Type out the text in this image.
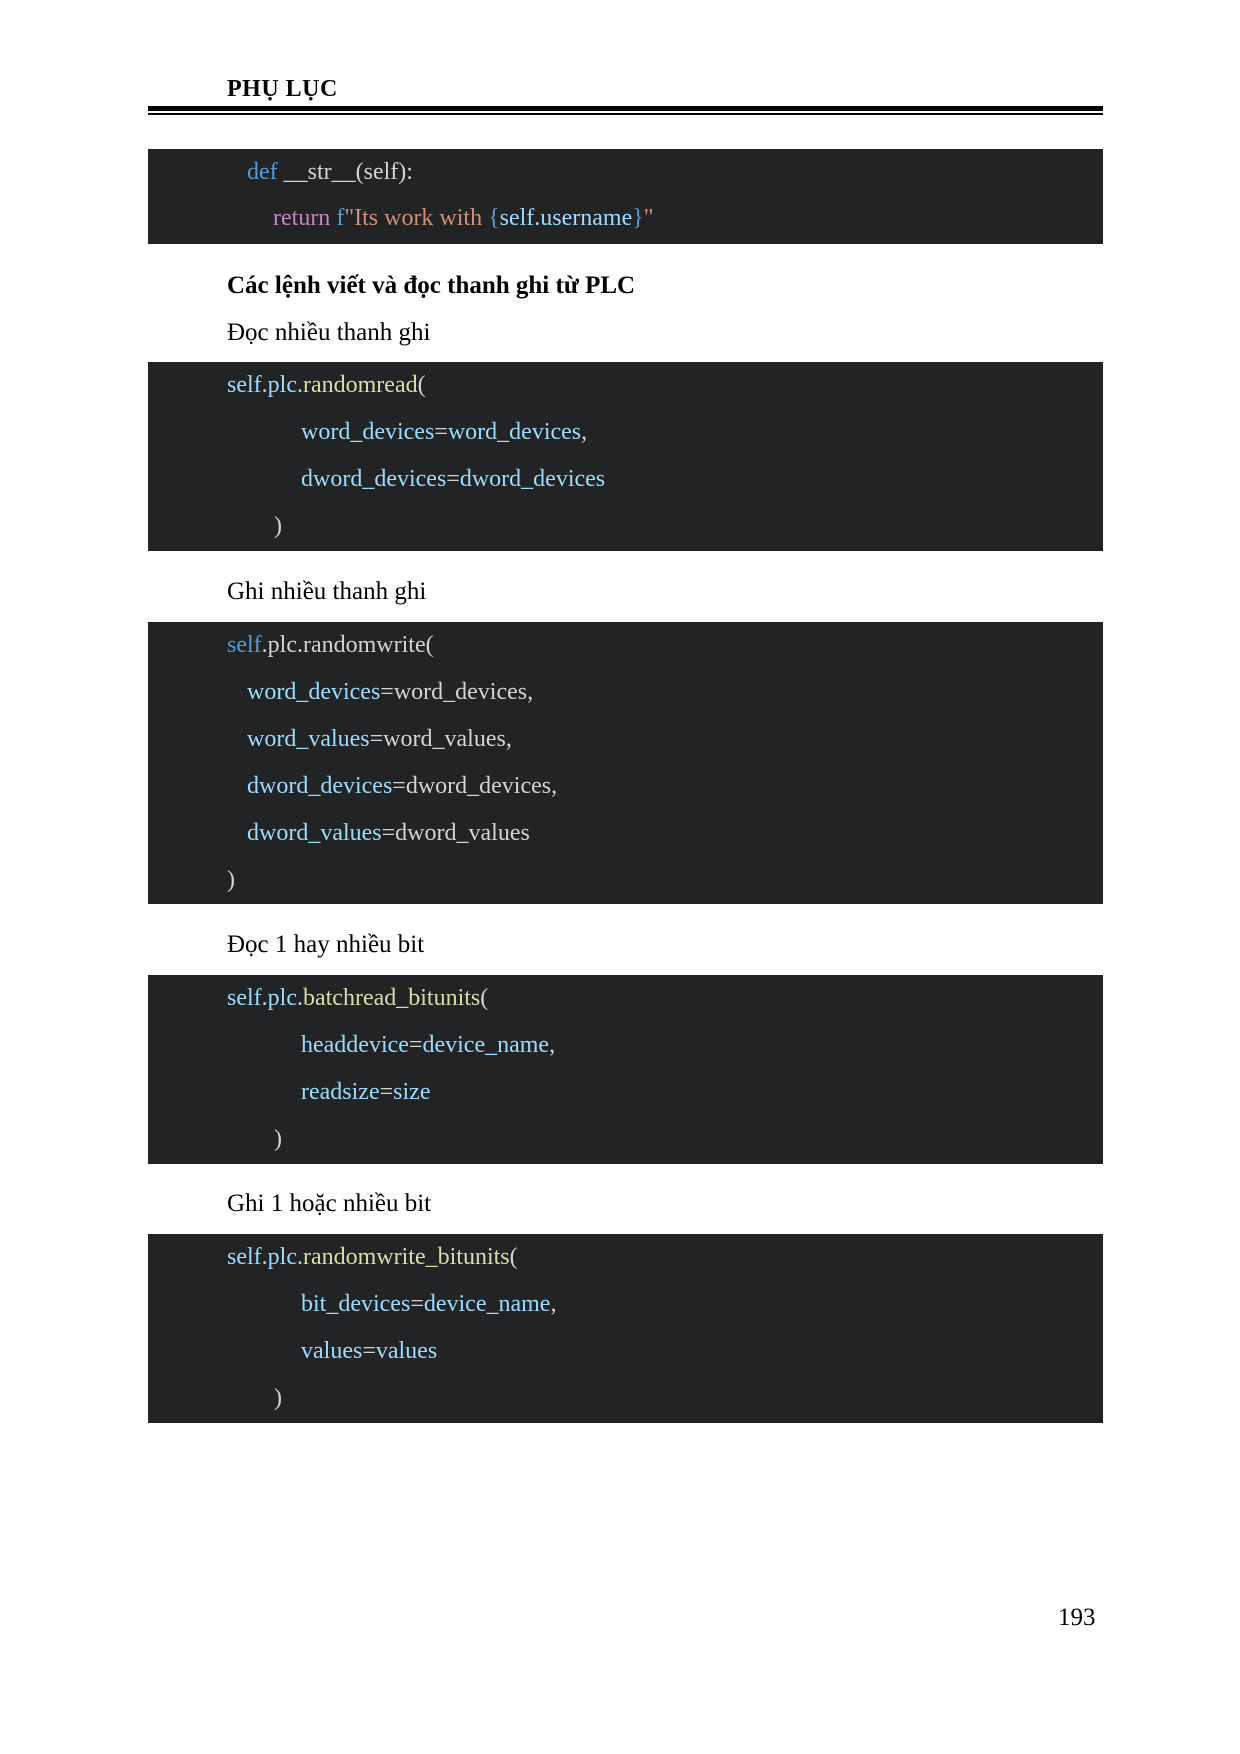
PHỤ LỤC
def __str__(self):
return f"Its work with {self.username}"
Các lệnh viết và đọc thanh ghi từ PLC
Đọc nhiều thanh ghi
self.plc.randomread(
word_devices=word_devices,
dword_devices=dword_devices
)
Ghi nhiều thanh ghi
self.plc.randomwrite(
word_devices=word_devices,
word_values=word_values,
dword_devices=dword_devices,
dword_values=dword_values
)
Đọc 1 hay nhiều bit
self.plc.batchread_bitunits(
headdevice=device_name,
readsize=size
)
Ghi 1 hoặc nhiều bit
self.plc.randomwrite_bitunits(
bit_devices=device_name,
values=values
)
193
